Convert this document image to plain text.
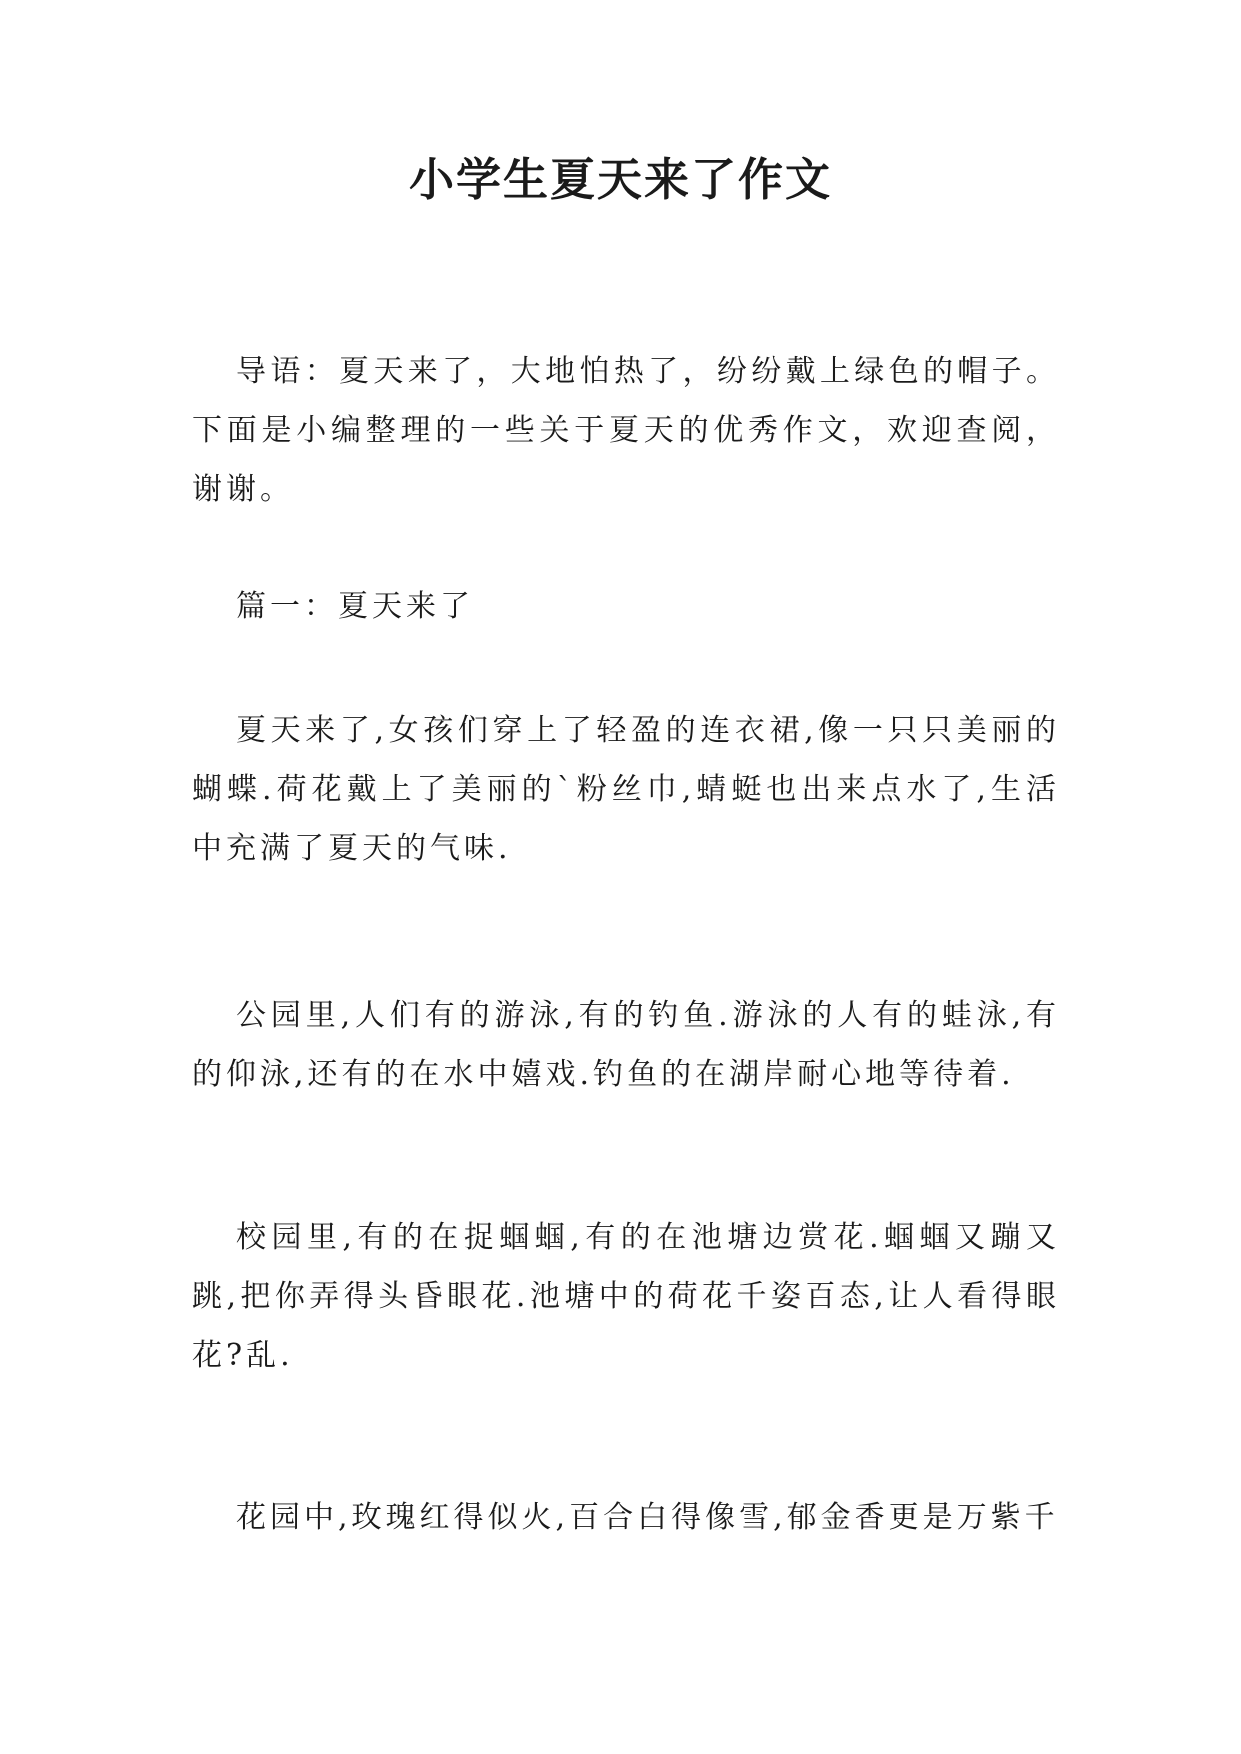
小学生夏天来了作文

导语：夏天来了，大地怕热了，纷纷戴上绿色的帽子。下面是小编整理的一些关于夏天的优秀作文，欢迎查阅，谢谢。

篇一：夏天来了

夏天来了,女孩们穿上了轻盈的连衣裙,像一只只美丽的蝴蝶.荷花戴上了美丽的`粉丝巾,蜻蜓也出来点水了,生活中充满了夏天的气味.

公园里,人们有的游泳,有的钓鱼.游泳的人有的蛙泳,有的仰泳,还有的在水中嬉戏.钓鱼的在湖岸耐心地等待着.

校园里,有的在捉蝈蝈,有的在池塘边赏花.蝈蝈又蹦又跳,把你弄得头昏眼花.池塘中的荷花千姿百态,让人看得眼花?乱.

花园中,玫瑰红得似火,百合白得像雪,郁金香更是万紫千
